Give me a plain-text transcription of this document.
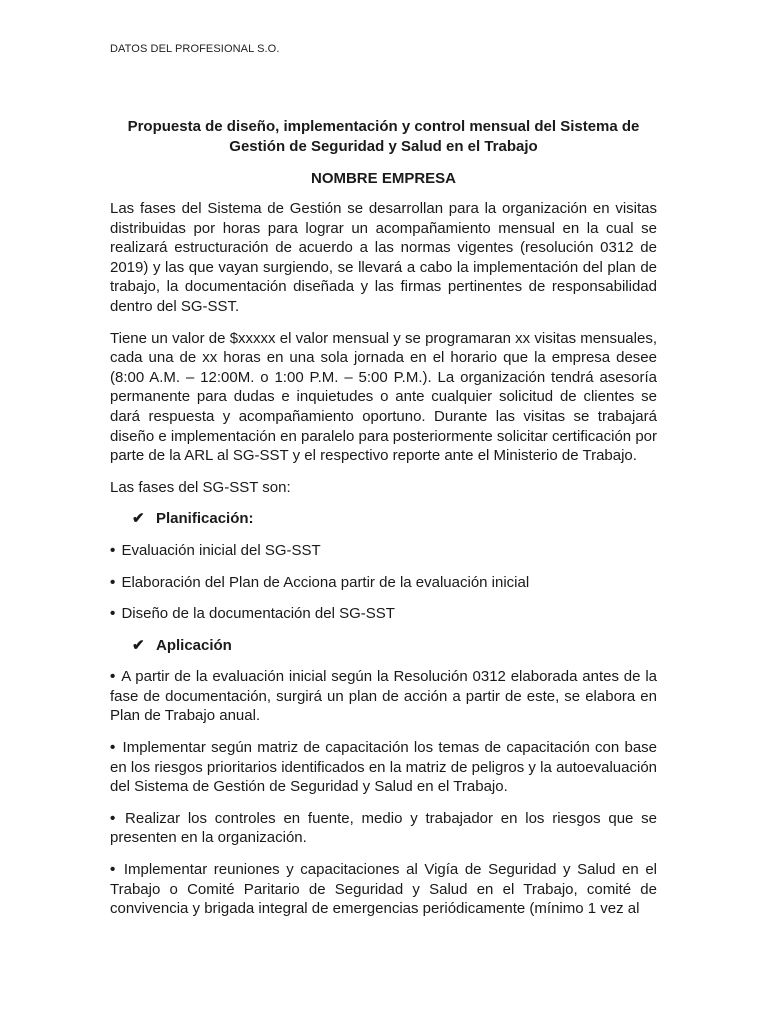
DATOS DEL PROFESIONAL S.O.
Propuesta de diseño, implementación y control mensual del Sistema de Gestión de Seguridad y Salud en el Trabajo
NOMBRE EMPRESA

Las fases del Sistema de Gestión se desarrollan para la organización en visitas distribuidas por horas para lograr un acompañamiento mensual en la cual se realizará estructuración de acuerdo a las normas vigentes (resolución 0312 de 2019) y las que vayan surgiendo, se llevará a cabo la implementación del plan de trabajo, la documentación diseñada y las firmas pertinentes de responsabilidad dentro del SG-SST.

Tiene un valor de $xxxxx el valor mensual y se programaran xx visitas mensuales, cada una de xx horas en una sola jornada en el horario que la empresa desee (8:00 A.M. – 12:00M. o 1:00 P.M. – 5:00 P.M.). La organización tendrá asesoría permanente para dudas e inquietudes o ante cualquier solicitud de clientes se dará respuesta y acompañamiento oportuno. Durante las visitas se trabajará diseño e implementación en paralelo para posteriormente solicitar certificación por parte de la ARL al SG-SST y el respectivo reporte ante el Ministerio de Trabajo.

Las fases del SG-SST son:

✔ Planificación:

• Evaluación inicial del SG-SST

• Elaboración del Plan de Acciona partir de la evaluación inicial

• Diseño de la documentación del SG-SST

✔ Aplicación

• A partir de la evaluación inicial según la Resolución 0312 elaborada antes de la fase de documentación, surgirá un plan de acción a partir de este, se elabora en Plan de Trabajo anual.

• Implementar según matriz de capacitación los temas de capacitación con base en los riesgos prioritarios identificados en la matriz de peligros y la autoevaluación del Sistema de Gestión de Seguridad y Salud en el Trabajo.

• Realizar los controles en fuente, medio y trabajador en los riesgos que se presenten en la organización.

• Implementar reuniones y capacitaciones al Vigía de Seguridad y Salud en el Trabajo o Comité Paritario de Seguridad y Salud en el Trabajo, comité de convivencia y brigada integral de emergencias periódicamente (mínimo 1 vez al
